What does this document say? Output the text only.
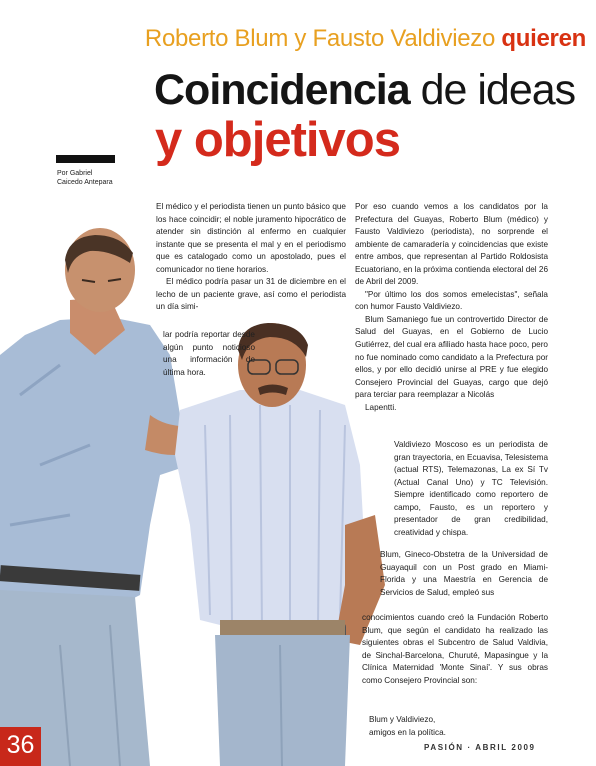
Roberto Blum y Fausto Valdiviezo quieren
Coincidencia de ideas
y objetivos
Por Gabriel
Caicedo Antepara

El médico y el periodista tienen un punto básico que los hace coincidir; el noble juramento hipocrático de atender sin distinción al enfermo en cualquier instante que se presenta el mal y en el periodismo que es catalogado como un apostolado, pues el comunicador no tiene horarios.

El médico podría pasar un 31 de diciembre en el lecho de un paciente grave, así como el periodista un día simi-

lar podría reportar desde algún punto noticioso una información de última hora.

Por eso cuando vemos a los candidatos por la Prefectura del Guayas, Roberto Blum (médico) y Fausto Valdiviezo (periodista), no sorprende el ambiente de camaradería y coincidencias que existe entre ambos, que representan al Partido Roldosista Ecuatoriano, en la próxima contienda electoral del 26 de Abril del 2009.

"Por último los dos somos emelecistas", señala con humor Fausto Valdiviezo.

Blum Samaniego fue un controvertido Director de Salud del Guayas, en el Gobierno de Lucio Gutiérrez, del cual era afiliado hasta hace poco, pero no fue nominado como candidato a la Prefectura por ellos, y por ello decidió unirse al PRE y fue elegido Consejero Provincial del Guayas, cargo que dejó para terciar para reemplazar a Nicolás

Lapentti.

Valdiviezo Moscoso es un periodista de gran trayectoria, en Ecuavisa, Telesistema (actual RTS), Telemazonas, La ex Sí Tv (Actual Canal Uno) y TC Televisión. Siempre identificado como reportero de campo, Fausto, es un reportero y presentador de gran credibilidad, creatividad y chispa.

Blum, Gineco-Obstetra de la Universidad de Guayaquil con un Post grado en Miami-Florida y una Maestría en Gerencia de Servicios de Salud, empleó sus

conocimientos cuando creó la Fundación Roberto Blum, que según el candidato ha realizado las siguientes obras el Subcentro de Salud Valdivia, de Sinchal-Barcelona, Churuté, Mapasingue y la Clínica Maternidad 'Monte Sinaí'. Y sus obras como Consejero Provincial son:

Blum y Valdiviezo,
amigos en la política.
36	PASIÓN · ABRIL 2009
